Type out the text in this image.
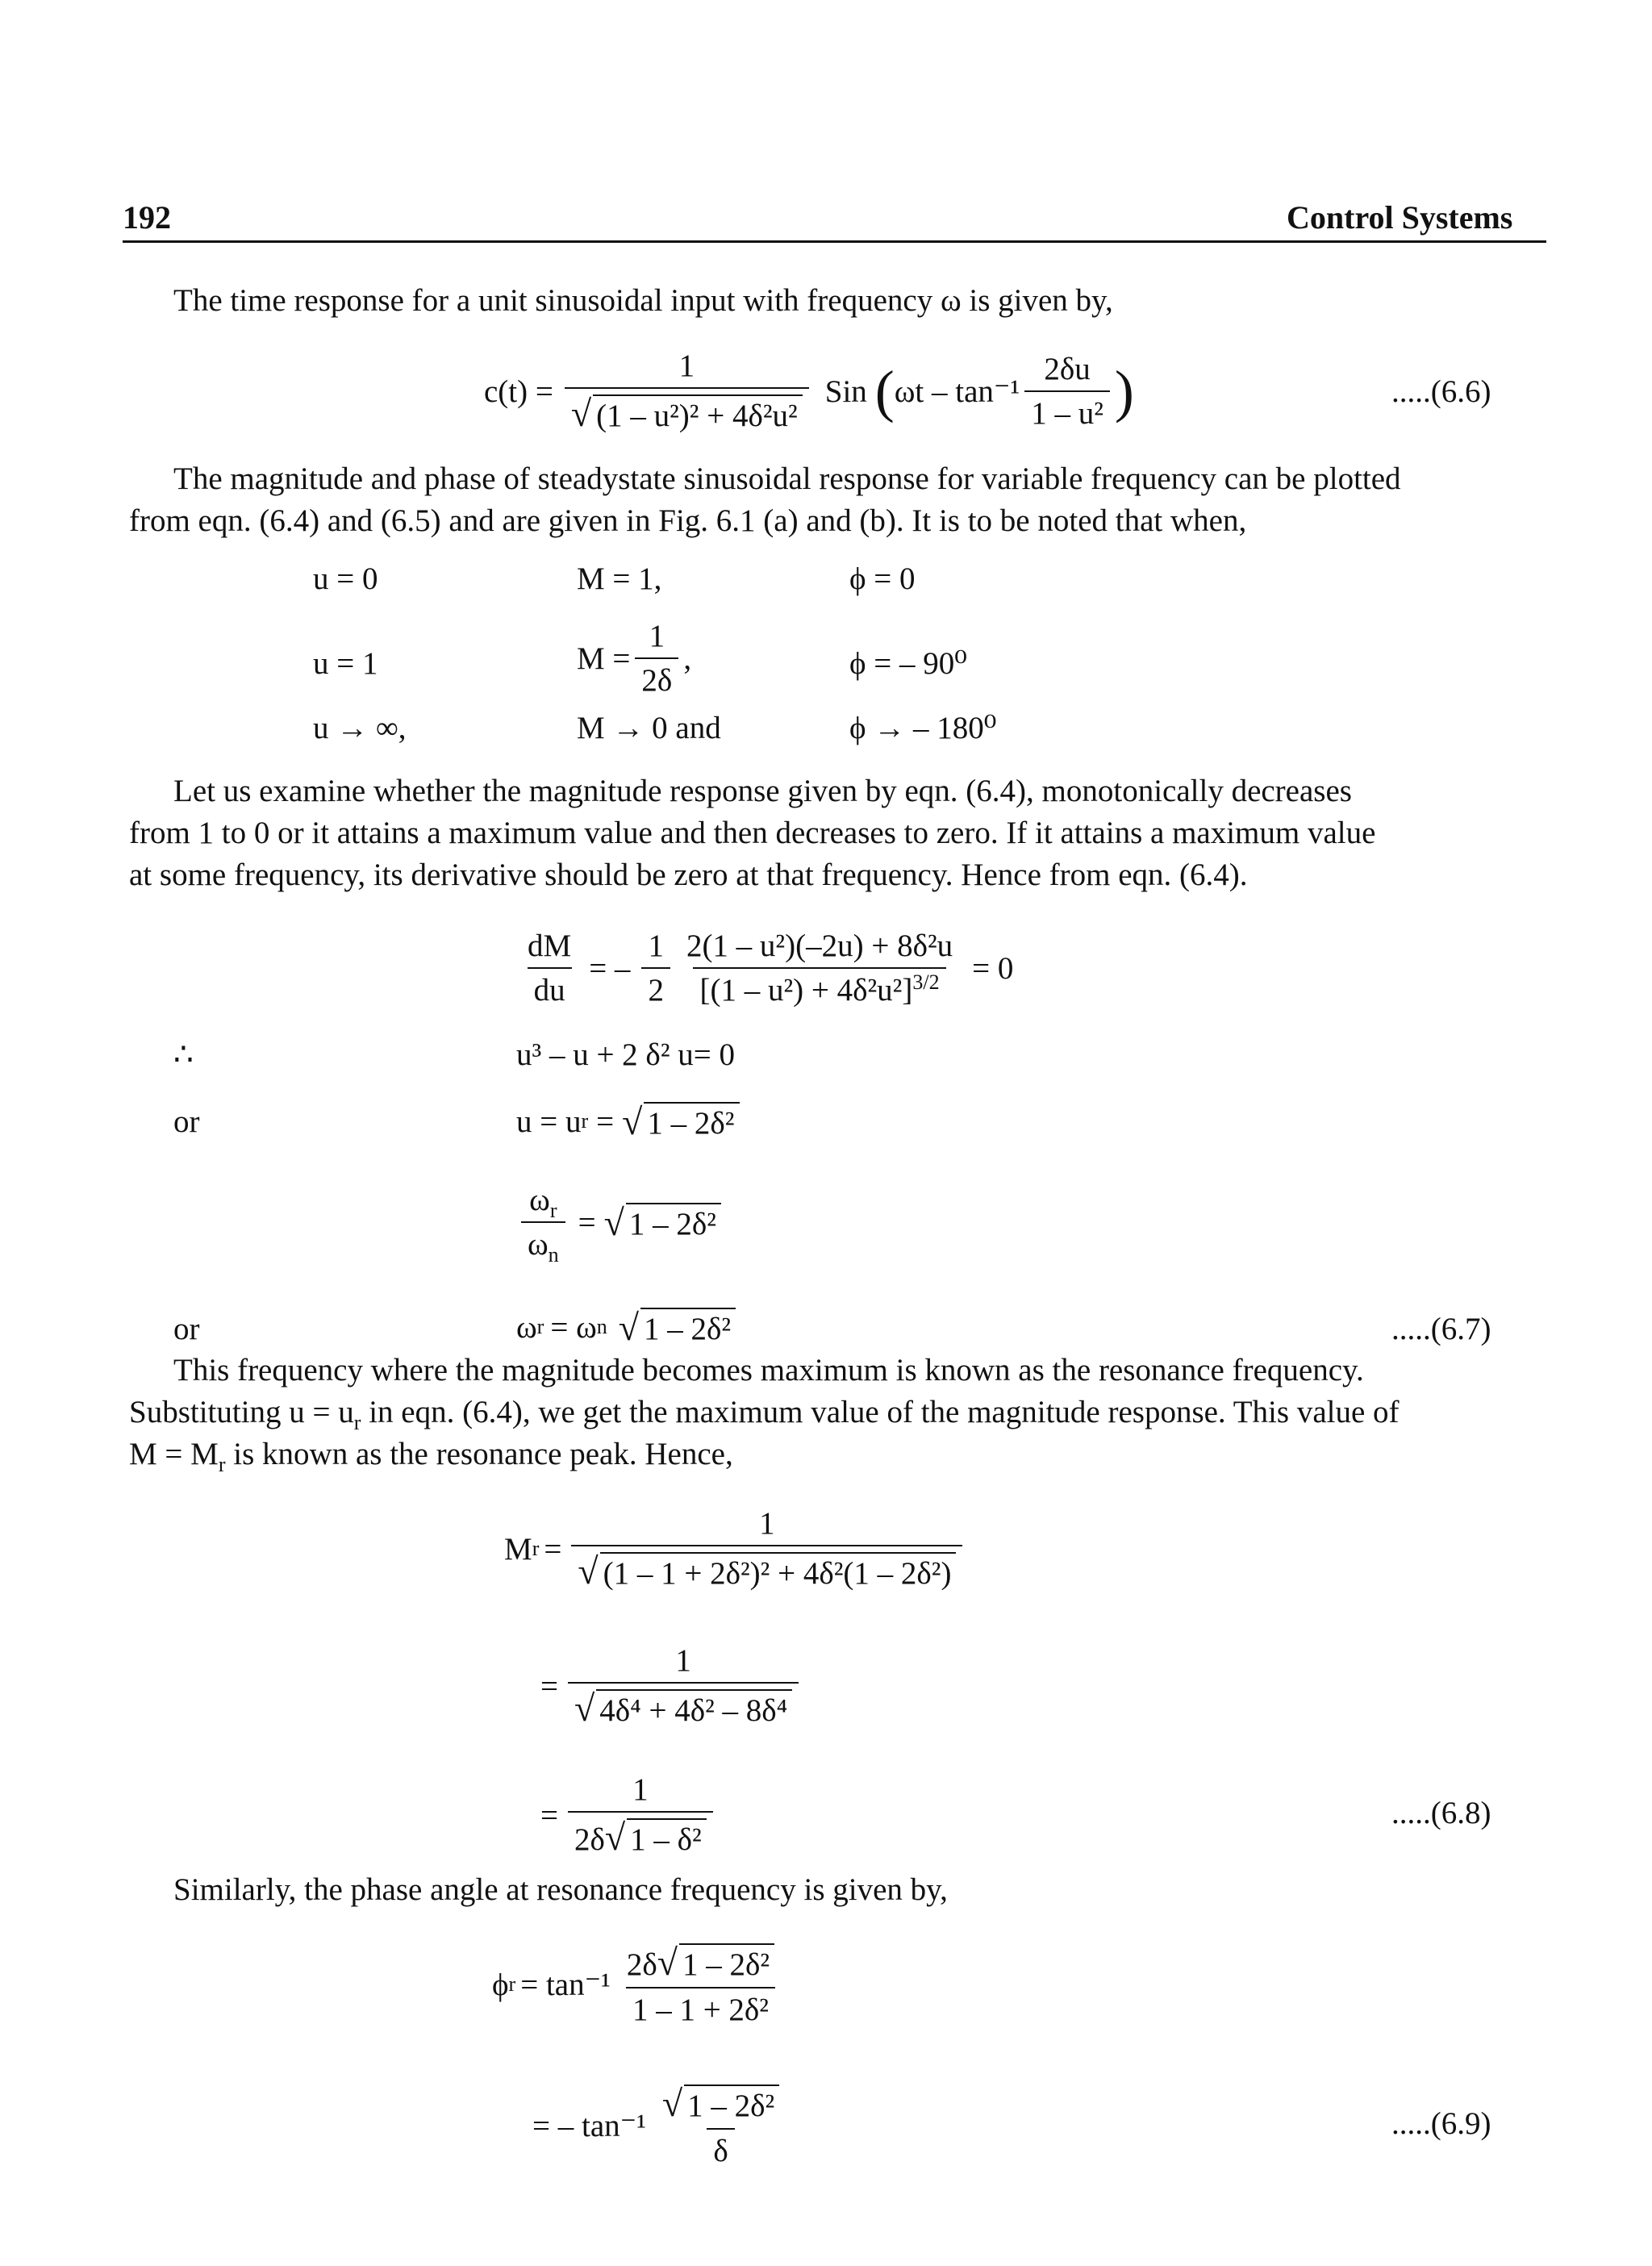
192	Control Systems
The time response for a unit sinusoidal input with frequency ω is given by,
$c(t) = \frac{1}{\text{√ (1 – u²)² + 4δ²u²}}$ Sin ( ωt – $\tan^{-1} \frac{2\delta u}{\text{1 – u²}}$ )	.....(6.6)
The magnitude and phase of steadystate sinusoidal response for variable frequency can be plotted
from eqn. (6.4) and (6.5) and are given in Fig. 6.1 (a) and (b). It is to be noted that when,
u = 0	M = 1,	ϕ = 0
u = 1	$M = \frac{1}{2\delta}$ ,	ϕ = – 90⁰
u → ∞,	M → 0 and	ϕ → – 180⁰
Let us examine whether the magnitude response given by eqn. (6.4), monotonically decreases
from 1 to 0 or it attains a maximum value and then decreases to zero. If it attains a maximum value
at some frequency, its derivative should be zero at that frequency. Hence from eqn. (6.4).
$\frac{dM}{du}$ = – $\frac{1}{2} \frac{\text{2(1 – u²)(–2u) + 8δ²u}}{[(1 - u^2) + 4\delta^2u^2]^{3/2}} = 0$
∴	u³ – u + 2 δ² u= 0
or	u = u r = √ 1 – 2δ²
$\frac{\omega_r}{\omega_n}$ = √ 1 – 2δ²
or	ω r = ω n √ 1 – 2δ²	.....(6.7)
This frequency where the magnitude becomes maximum is known as the resonance frequency.
Substituting $u = u_r$ in eqn. (6.4), we get the maximum value of the magnitude response. This value of
$M = M_r$ is known as the resonance peak. Hence,
M $r = \frac{1}{\text{√ (1 – 1 + 2δ²)² + 4δ²(1 – 2δ²)}}$
= $\frac{1}{\text{√ 4δ⁴ + 4δ² – 8δ⁴}}$
= $\frac{1}{\text{2δ√ 1 – δ²}}$	.....(6.8)
Similarly, the phase angle at resonance frequency is given by,
ϕ $r = \tan^{-1} \frac{\text{2δ√ 1 – 2δ²}}{\text{1 – 1 + 2δ²}}$
= – $\tan^{-1} \frac{\text{√ 1 – 2δ²}}{\delta}$	.....(6.9)
